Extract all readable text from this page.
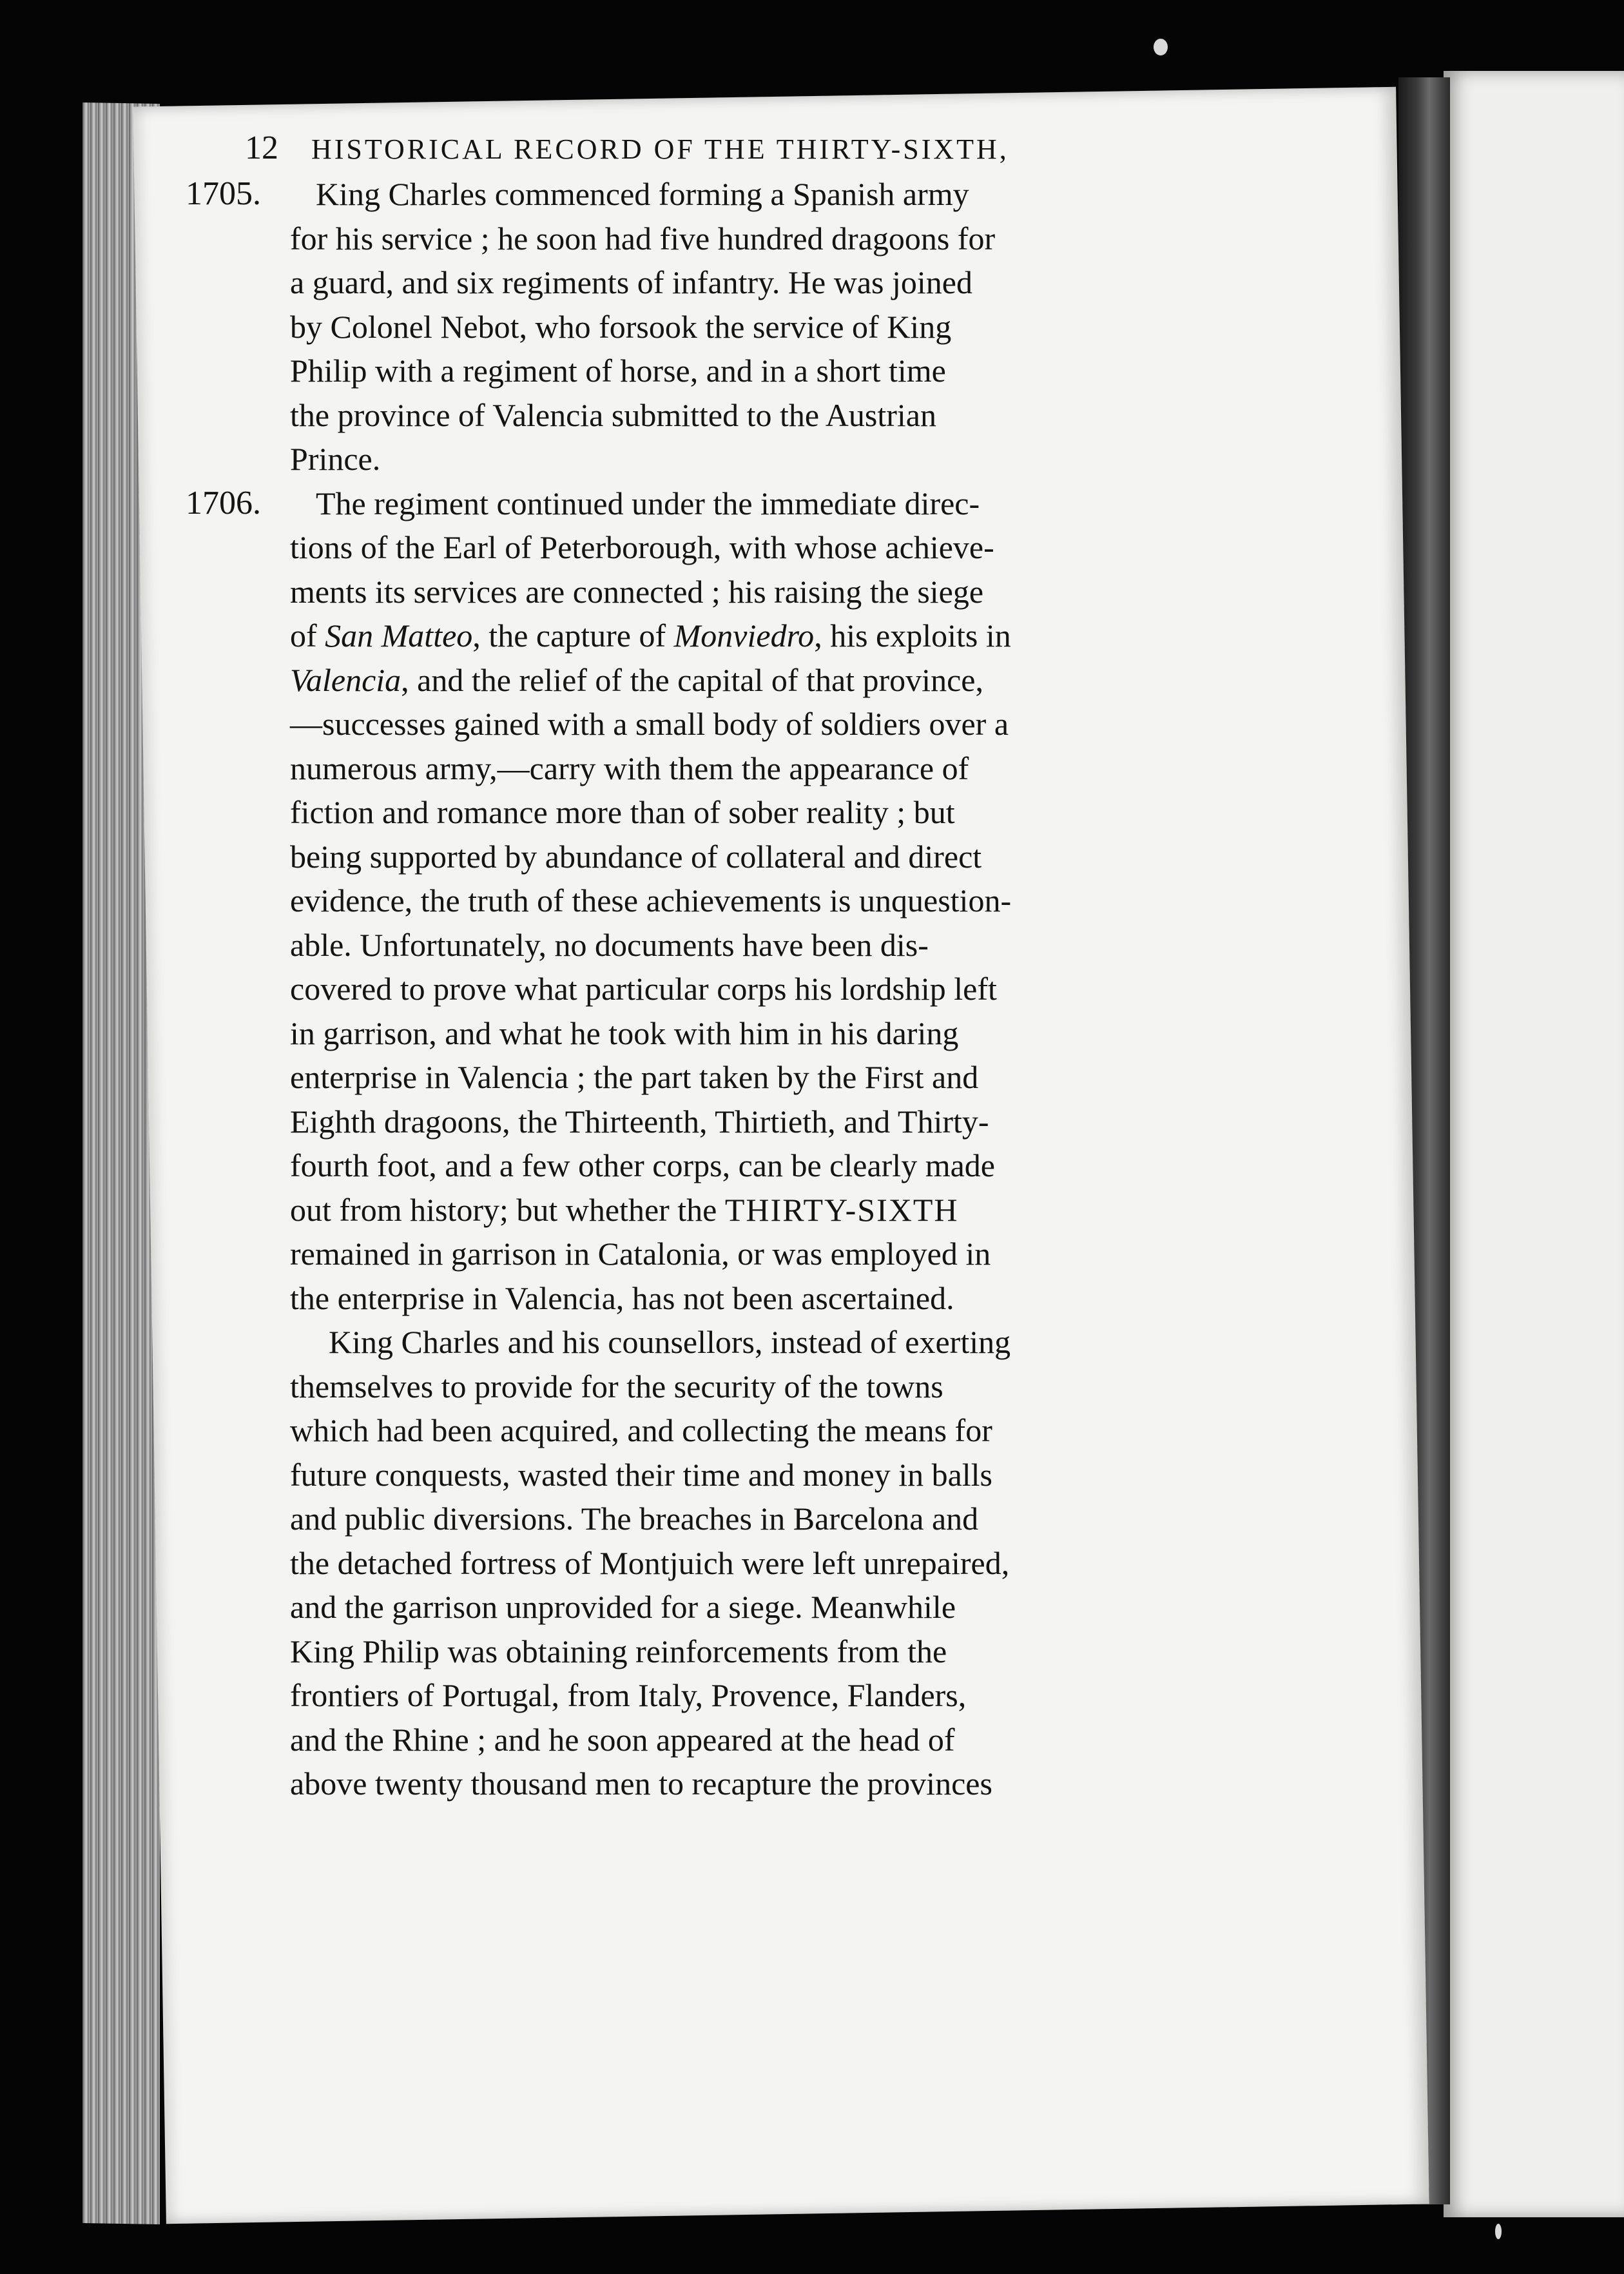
12 HISTORICAL RECORD OF THE THIRTY-SIXTH,
1705.	King Charles commenced forming a Spanish army
for his service ; he soon had five hundred dragoons for
a guard, and six regiments of infantry. He was joined
by Colonel Nebot, who forsook the service of King
Philip with a regiment of horse, and in a short time
the province of Valencia submitted to the Austrian
Prince.

1706.	The regiment continued under the immediate direc-
tions of the Earl of Peterborough, with whose achieve-
ments its services are connected ; his raising the siege
of San Matteo, the capture of Monviedro, his exploits in
Valencia, and the relief of the capital of that province,
—successes gained with a small body of soldiers over a
numerous army,—carry with them the appearance of
fiction and romance more than of sober reality ; but
being supported by abundance of collateral and direct
evidence, the truth of these achievements is unquestion-
able. Unfortunately, no documents have been dis-
covered to prove what particular corps his lordship left
in garrison, and what he took with him in his daring
enterprise in Valencia ; the part taken by the First and
Eighth dragoons, the Thirteenth, Thirtieth, and Thirty-
fourth foot, and a few other corps, can be clearly made
out from history; but whether the THIRTY-SIXTH
remained in garrison in Catalonia, or was employed in
the enterprise in Valencia, has not been ascertained.

King Charles and his counsellors, instead of exerting
themselves to provide for the security of the towns
which had been acquired, and collecting the means for
future conquests, wasted their time and money in balls
and public diversions. The breaches in Barcelona and
the detached fortress of Montjuich were left unrepaired,
and the garrison unprovided for a siege. Meanwhile
King Philip was obtaining reinforcements from the
frontiers of Portugal, from Italy, Provence, Flanders,
and the Rhine ; and he soon appeared at the head of
above twenty thousand men to recapture the provinces
